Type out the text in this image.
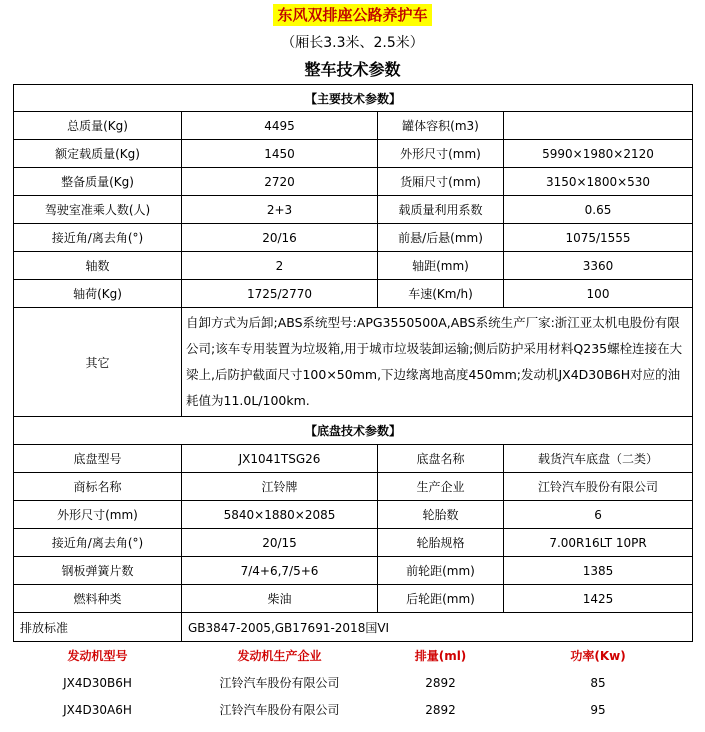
东风双排座公路养护车
（厢长3.3米、2.5米）
整车技术参数
【主要技术参数】			
总质量(Kg)	4495	罐体容积(m3)	
额定载质量(Kg)	1450	外形尺寸(mm)	5990×1980×2120
整备质量(Kg)	2720	货厢尺寸(mm)	3150×1800×530
驾驶室准乘人数(人)	2+3	载质量利用系数	0.65
接近角/离去角(°)	20/16	前悬/后悬(mm)	1075/1555
轴数	2	轴距(mm)	3360
轴荷(Kg)	1725/2770	车速(Km/h)	100
其它	自卸方式为后卸;ABS系统型号:APG3550500A,ABS系统生产厂家:浙江亚太机电股份有限公司;该车专用装置为垃圾箱,用于城市垃圾装卸运输;侧后防护采用材料Q235螺栓连接在大梁上,后防护截面尺寸100×50mm,下边缘离地高度450mm;发动机JX4D30B6H对应的油耗值为11.0L/100km.		
【底盘技术参数】			
底盘型号	JX1041TSG26	底盘名称	载货汽车底盘（二类）
商标名称	江铃牌	生产企业	江铃汽车股份有限公司
外形尺寸(mm)	5840×1880×2085	轮胎数	6
接近角/离去角(°)	20/15	轮胎规格	7.00R16LT 10PR
钢板弹簧片数	7/4+6,7/5+6	前轮距(mm)	1385
燃料种类	柴油	后轮距(mm)	1425
排放标准	GB3847-2005,GB17691-2018国VI		
发动机型号	发动机生产企业	排量(ml)	功率(Kw)
JX4D30B6H	江铃汽车股份有限公司	2892	85
JX4D30A6H	江铃汽车股份有限公司	2892	95
